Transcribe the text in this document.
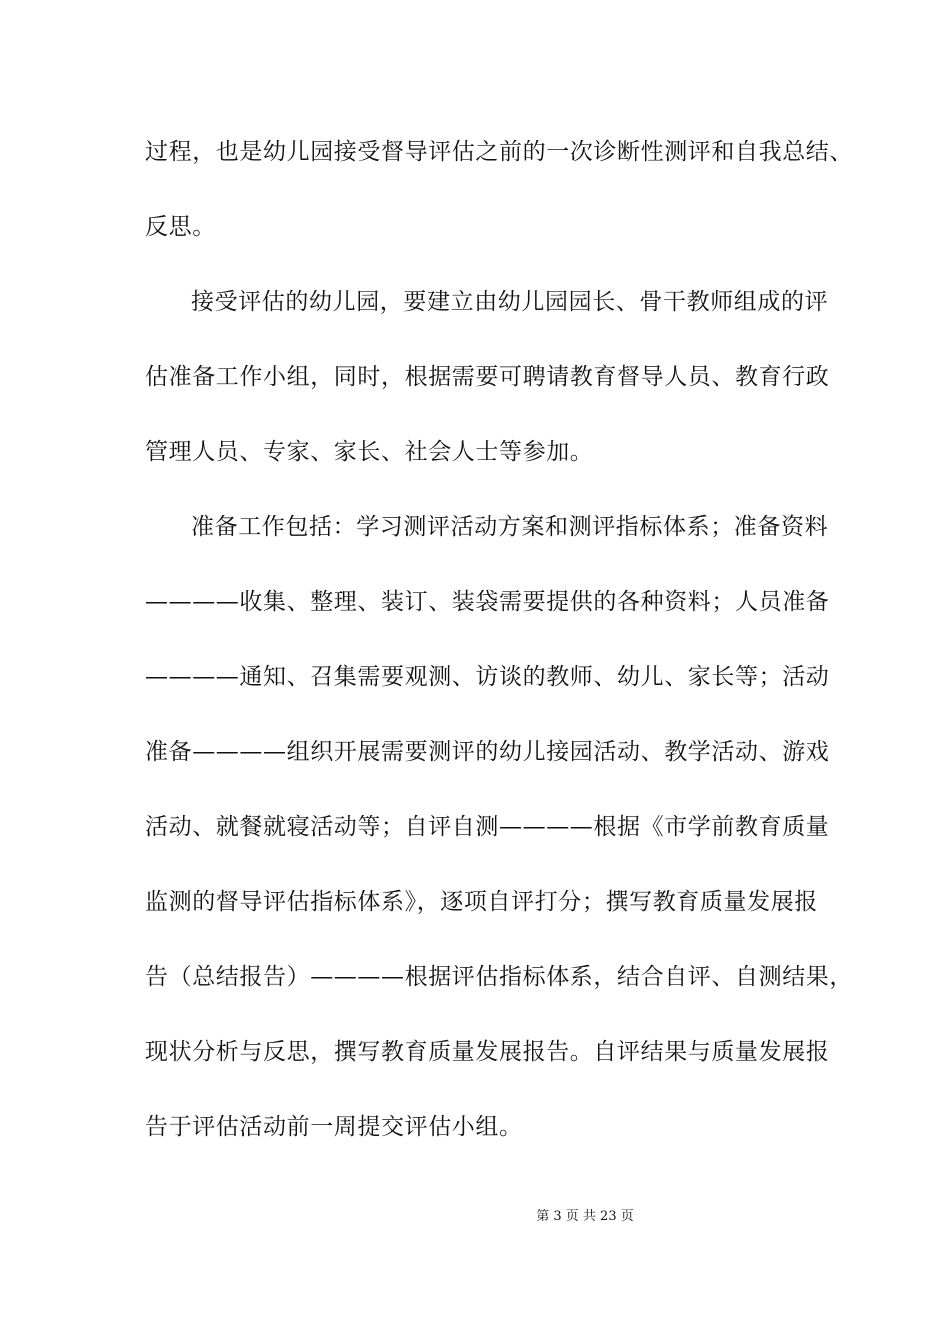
过程，也是幼儿园接受督导评估之前的一次诊断性测评和自我总结、
反思。
接受评估的幼儿园，要建立由幼儿园园长、骨干教师组成的评
估准备工作小组，同时，根据需要可聘请教育督导人员、教育行政
管理人员、专家、家长、社会人士等参加。
准备工作包括：学习测评活动方案和测评指标体系；准备资料
————收集、整理、装订、装袋需要提供的各种资料；人员准备
————通知、召集需要观测、访谈的教师、幼儿、家长等；活动
准备————组织开展需要测评的幼儿接园活动、教学活动、游戏
活动、就餐就寝活动等；自评自测————根据《市学前教育质量
监测的督导评估指标体系》，逐项自评打分；撰写教育质量发展报
告（总结报告）————根据评估指标体系，结合自评、自测结果，
现状分析与反思，撰写教育质量发展报告。自评结果与质量发展报
告于评估活动前一周提交评估小组。
第 3 页 共 23 页
